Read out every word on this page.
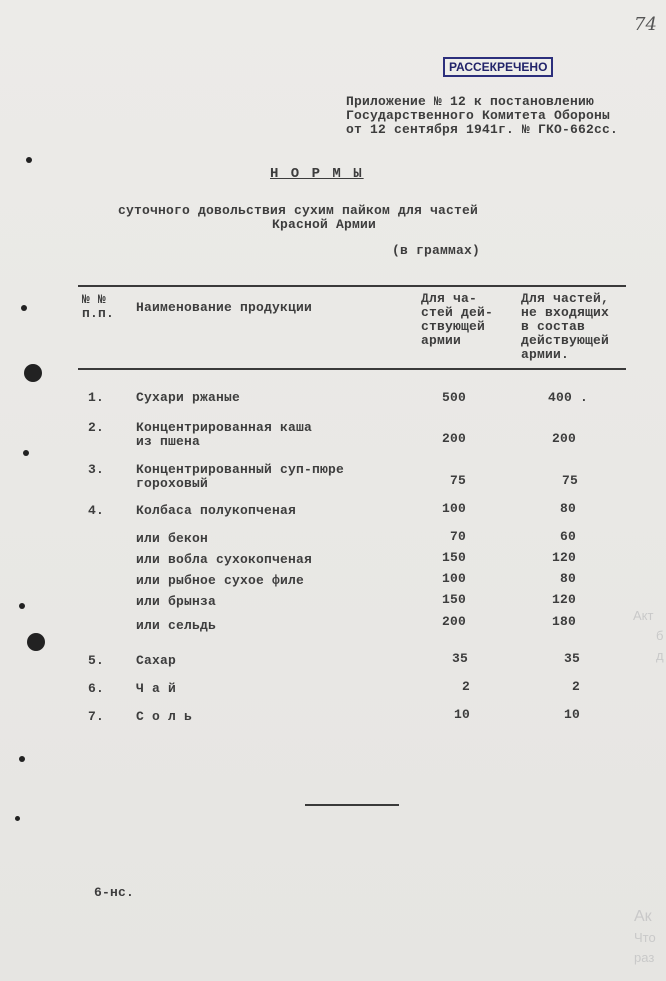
74
РАССЕКРЕЧЕНО
Приложение № 12 к постановлению
Государственного Комитета Обороны
от 12 сентября 1941г. № ГКО-662сс.
Н О Р М Ы
суточного довольствия сухим пайком для частей
Красной Армии
(в граммах)
№ №
п.п. Наименование продукции
Для ча-
стей дей-
ствующей
армии
Для частей,
не входящих
в состав
действующей
армии.
1. Сухари ржаные	500	400 .
2. Концентрированная каша
из пшена	200	200
3. Концентрированный суп-пюре
гороховый	75	75
4. Колбаса полукопченая	100	80
или бекон	70	60
или вобла сухокопченая	150	120
или рыбное сухое филе	100	80
или брынза	150	120
или сельдь	200	180
5. Сахар	35	35
6. Ч а й	2	2
7. С о л ь	10	10
6-нс.
Акт
б
д
Ак
Что
раз
